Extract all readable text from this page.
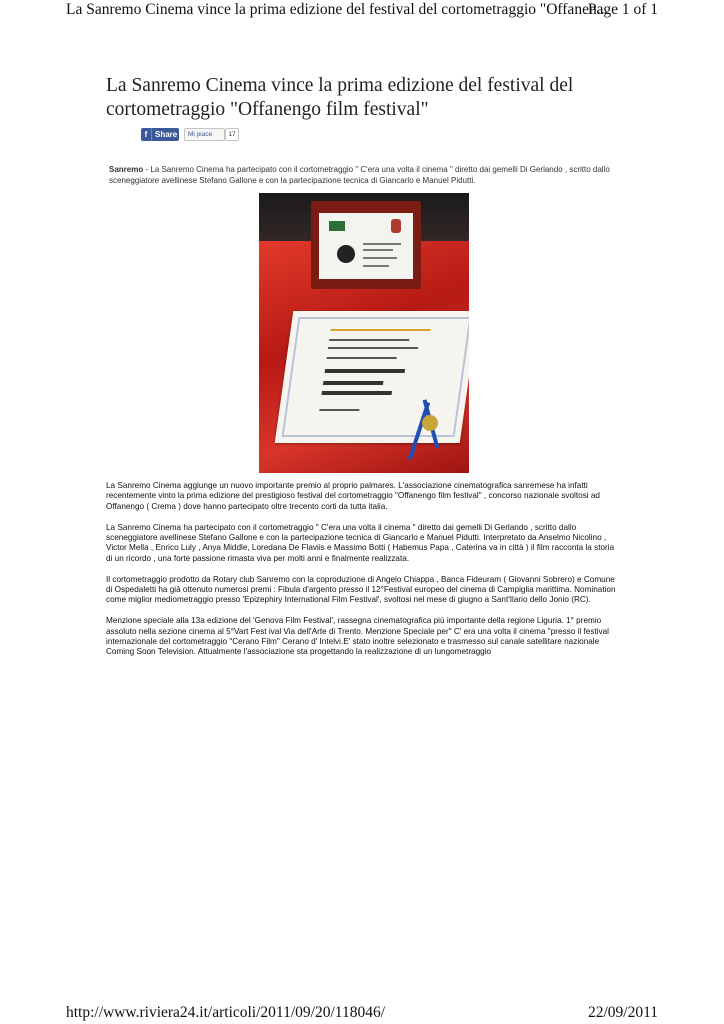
La Sanremo Cinema vince la prima edizione del festival del cortometraggio "Offanen...
Page 1 of 1
La Sanremo Cinema vince la prima edizione del festival del cortometraggio "Offanengo film festival"
f Share	Mi piace	17
Sanremo - La Sanremo Cinema ha partecipato con il cortometraggio " C'era una volta il cinema " diretto dai gemelli Di Gerlando , scritto dallo sceneggiatore avellinese Stefano Gallone e con la partecipazione tecnica di Giancarlo e Manuel Pidutti.

La Sanremo Cinema aggiunge un nuovo importante premio al proprio palmares. L'associazione cinematografica sanremese ha infatti recentemente vinto la prima edizione del prestigioso festival del cortometraggio "Offanengo film festival" , concorso nazionale svoltosi ad Offanengo ( Crema ) dove hanno partecipato oltre trecento corti da tutta italia.

La Sanremo Cinema ha partecipato con il cortometraggio " C'era una volta il cinema " diretto dai gemelli Di Gerlando , scritto dallo sceneggiatore avellinese Stefano Gallone e con la partecipazione tecnica di Giancarlo e Manuel Pidutti. Interpretato da Anselmo Nicolino , Victor Mella , Enrico Luly , Anya Middle, Loredana De Flaviis e Massimo Botti ( Habemus Papa , Caterina va in città ) il film racconta la storia di un ricordo , una forte passione rimasta viva per molti anni e finalmente realizzata.

Il cortometraggio prodotto da Rotary club Sanremo con la coproduzione di Angelo Chiappa , Banca Fideuram ( Giovanni Sobrero) e Comune di Ospedaletti ha già ottenuto numerosi premi : Fibula d'argento presso il 12°Festival europeo del cinema di Campiglia marittima. Nomination come miglior mediometraggio presso 'Epizephiry International Film Festival', svoltosi nel mese di giugno a Sant'Ilario dello Jonio (RC).

Menzione speciale alla 13a edizione del 'Genova Film Festival', rassegna cinematografica più importante della regione Liguria. 1° premio assoluto nella sezione cinema al 5°Vart Fest ival Via dell'Arte di Trento. Menzione Speciale per" C' era una volta il cinema "presso il festival internazionale del cortometraggio "Cerano Film" Cerano d' Intelvi.E' stato inoltre selezionato e trasmesso sul canale satellitare nazionale Coming Soon Television. Attualmente l'associazione sta progettando la realizzazione di un lungometraggio

http://www.riviera24.it/articoli/2011/09/20/118046/	22/09/2011
